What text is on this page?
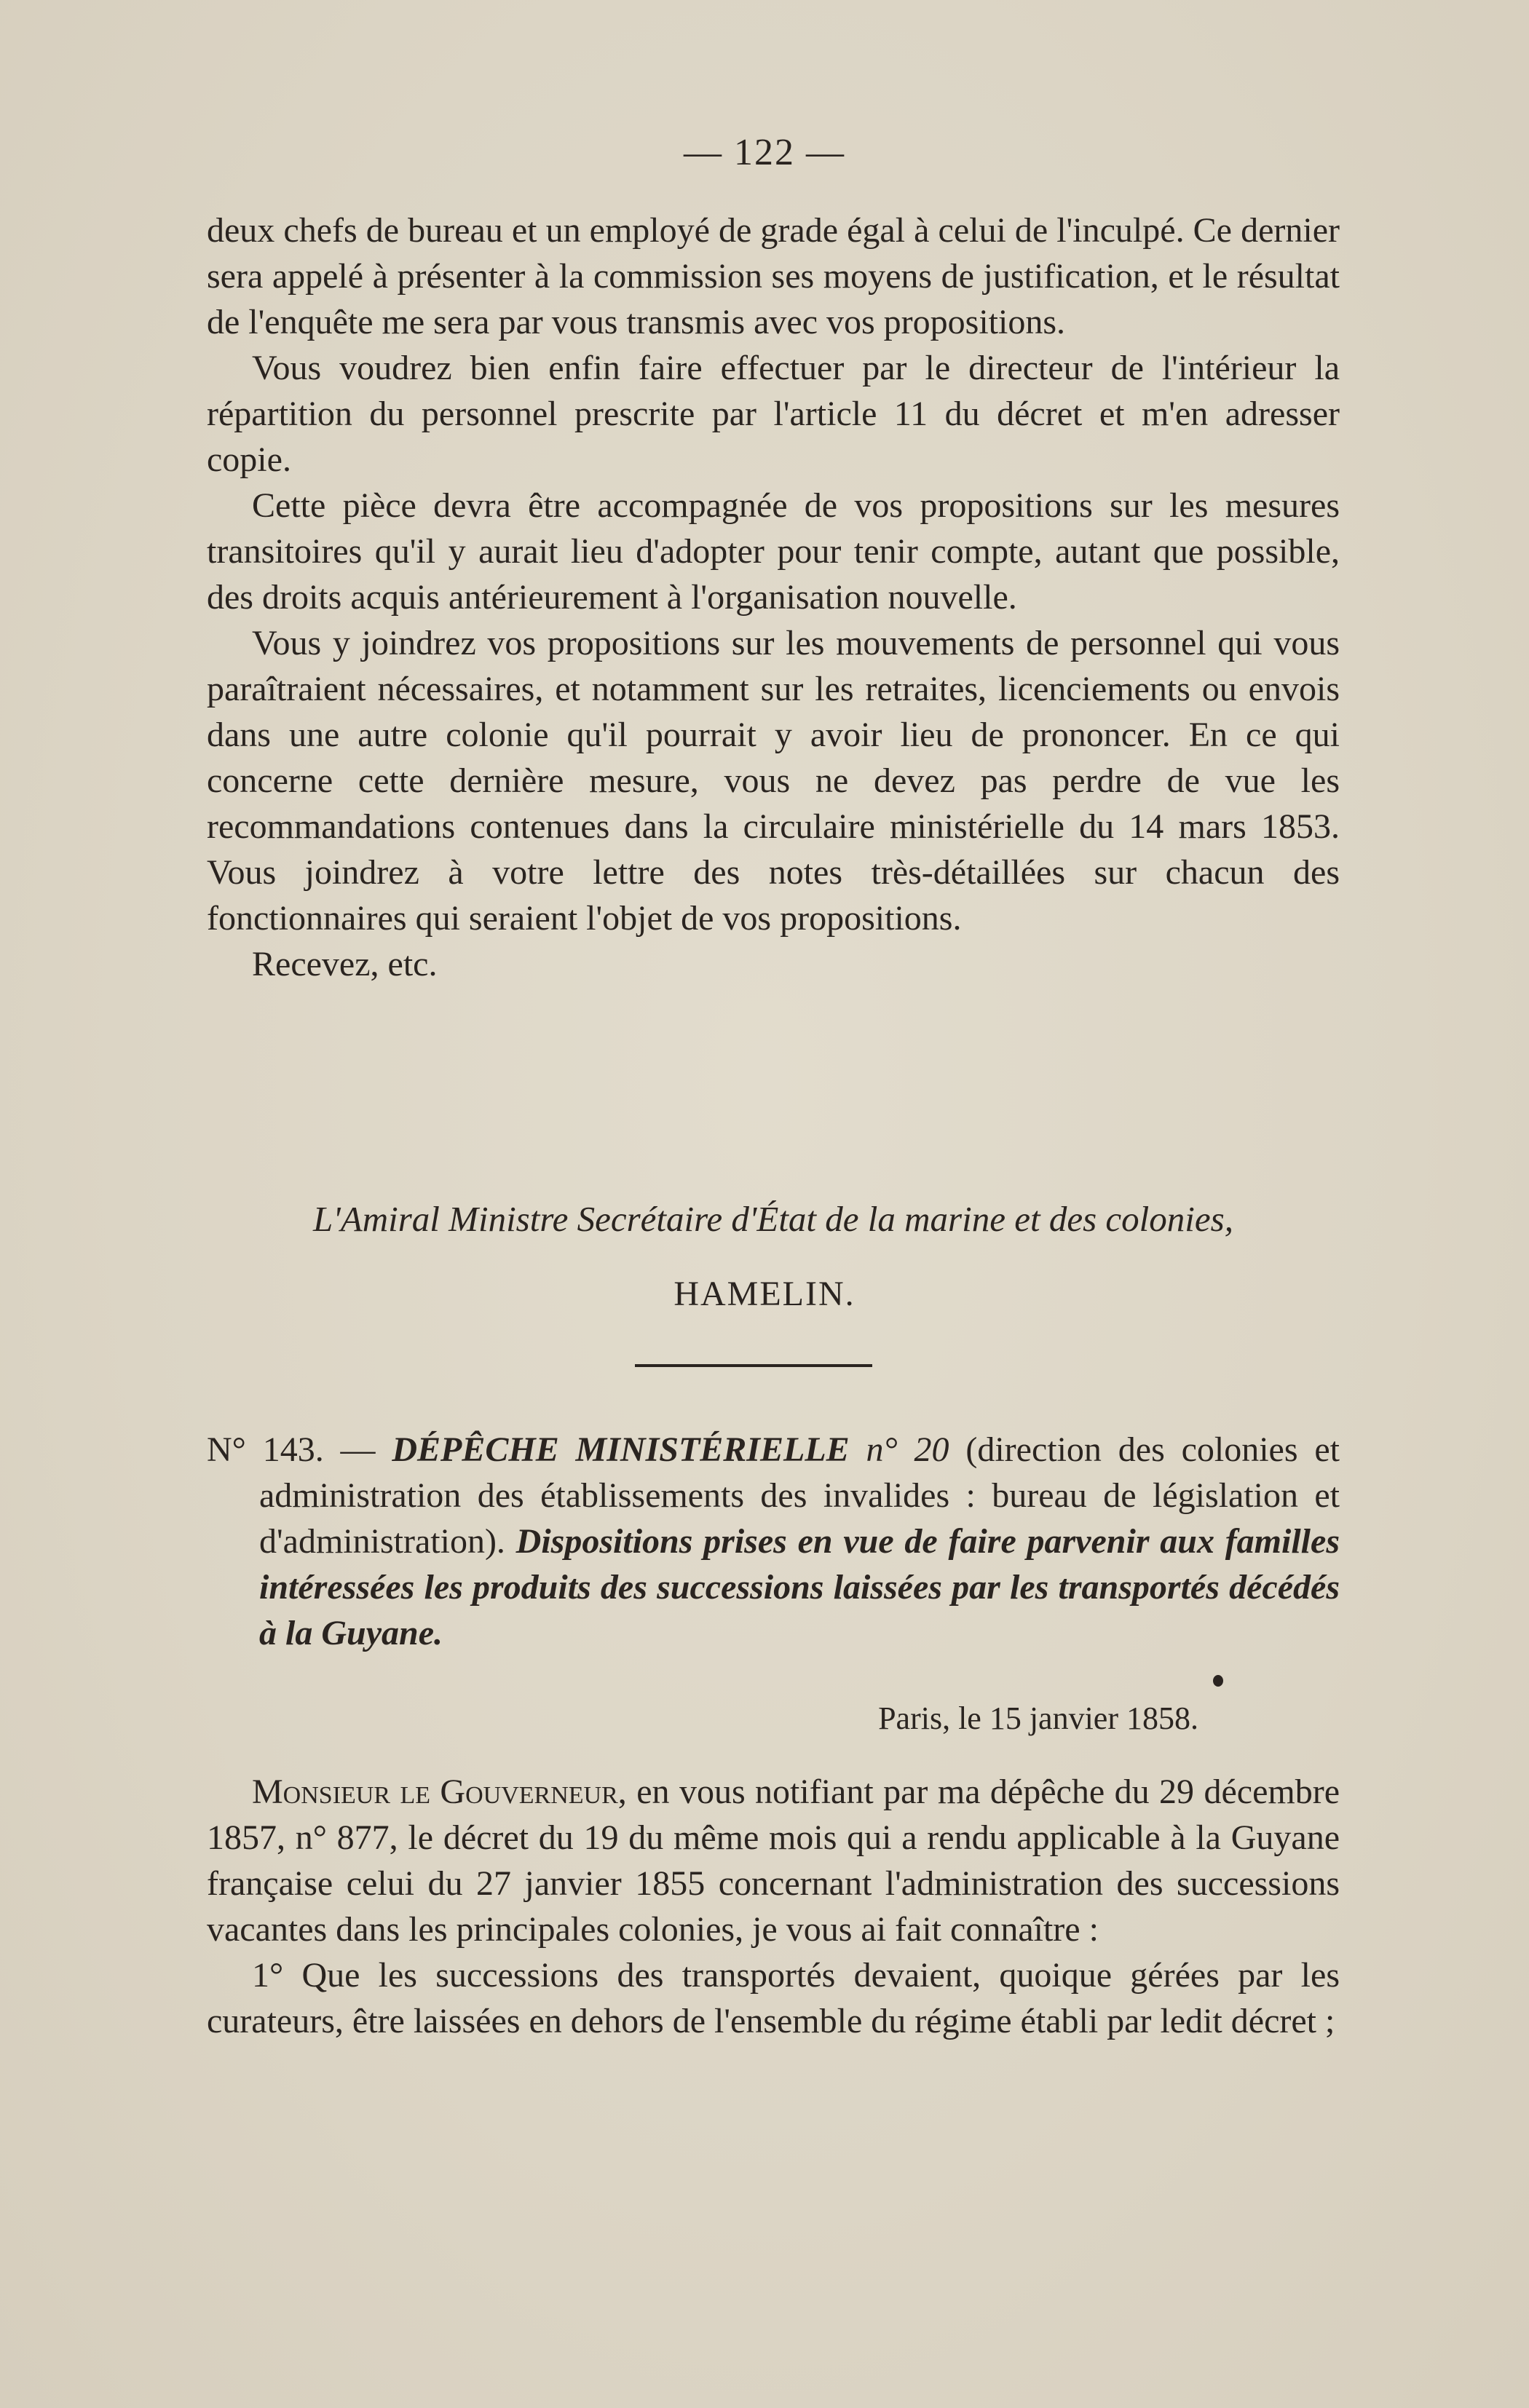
— 122 —

deux chefs de bureau et un employé de grade égal à celui de l'inculpé. Ce dernier sera appelé à présenter à la commission ses moyens de justification, et le résultat de l'enquête me sera par vous transmis avec vos propositions.

Vous voudrez bien enfin faire effectuer par le directeur de l'intérieur la répartition du personnel prescrite par l'article 11 du décret et m'en adresser copie.

Cette pièce devra être accompagnée de vos propositions sur les mesures transitoires qu'il y aurait lieu d'adopter pour tenir compte, autant que possible, des droits acquis antérieurement à l'organisation nouvelle.

Vous y joindrez vos propositions sur les mouvements de personnel qui vous paraîtraient nécessaires, et notamment sur les retraites, licenciements ou envois dans une autre colonie qu'il pourrait y avoir lieu de prononcer. En ce qui concerne cette dernière mesure, vous ne devez pas perdre de vue les recommandations contenues dans la circulaire ministérielle du 14 mars 1853. Vous joindrez à votre lettre des notes très-détaillées sur chacun des fonctionnaires qui seraient l'objet de vos propositions.

Recevez, etc.

L'Amiral Ministre Secrétaire d'État de la marine et des colonies,
HAMELIN.

N° 143. — DÉPÊCHE MINISTÉRIELLE n° 20 (direction des colonies et administration des établissements des invalides : bureau de législation et d'administration). Dispositions prises en vue de faire parvenir aux familles intéressées les produits des successions laissées par les transportés décédés à la Guyane.

Paris, le 15 janvier 1858.

Monsieur le Gouverneur, en vous notifiant par ma dépêche du 29 décembre 1857, n° 877, le décret du 19 du même mois qui a rendu applicable à la Guyane française celui du 27 janvier 1855 concernant l'administration des successions vacantes dans les principales colonies, je vous ai fait connaître :

1° Que les successions des transportés devaient, quoique gérées par les curateurs, être laissées en dehors de l'ensemble du régime établi par ledit décret ;
